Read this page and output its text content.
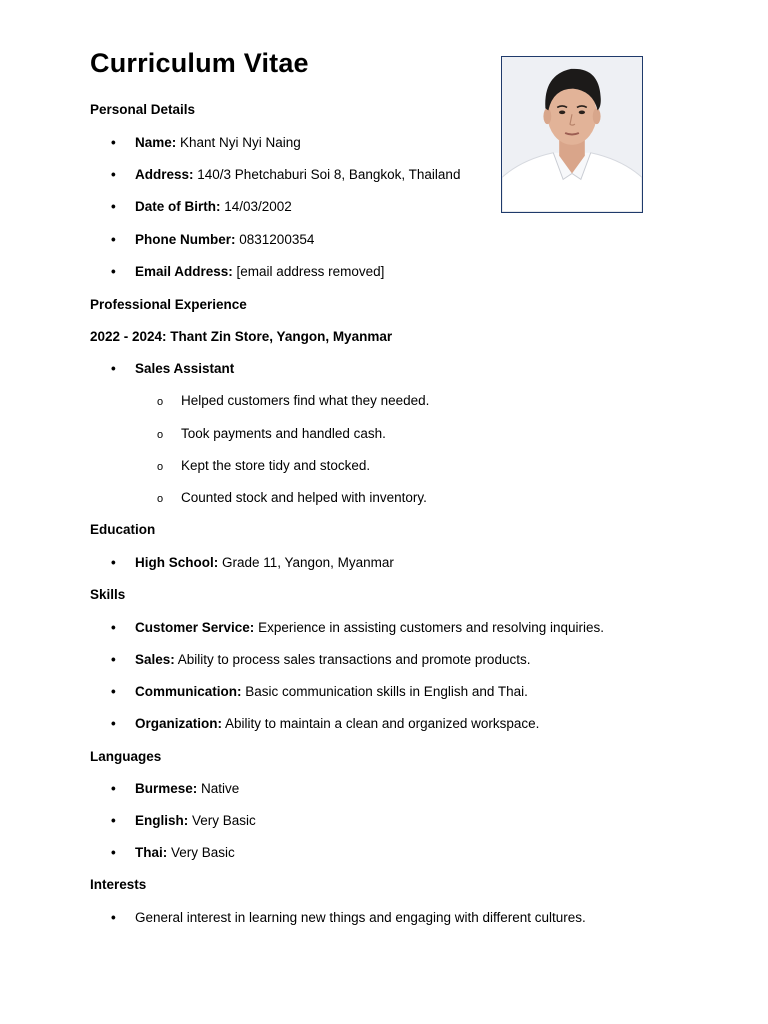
Curriculum Vitae
Personal Details
• Name: Khant Nyi Nyi Naing
• Address: 140/3 Phetchaburi Soi 8, Bangkok, Thailand
• Date of Birth: 14/03/2002
• Phone Number: 0831200354
• Email Address: [email address removed]
Professional Experience
2022 - 2024: Thant Zin Store, Yangon, Myanmar
• Sales Assistant
o Helped customers find what they needed.
o Took payments and handled cash.
o Kept the store tidy and stocked.
o Counted stock and helped with inventory.
Education
• High School: Grade 11, Yangon, Myanmar
Skills
• Customer Service: Experience in assisting customers and resolving inquiries.
• Sales: Ability to process sales transactions and promote products.
• Communication: Basic communication skills in English and Thai.
• Organization: Ability to maintain a clean and organized workspace.
Languages
• Burmese: Native
• English: Very Basic
• Thai: Very Basic
Interests
• General interest in learning new things and engaging with different cultures.
